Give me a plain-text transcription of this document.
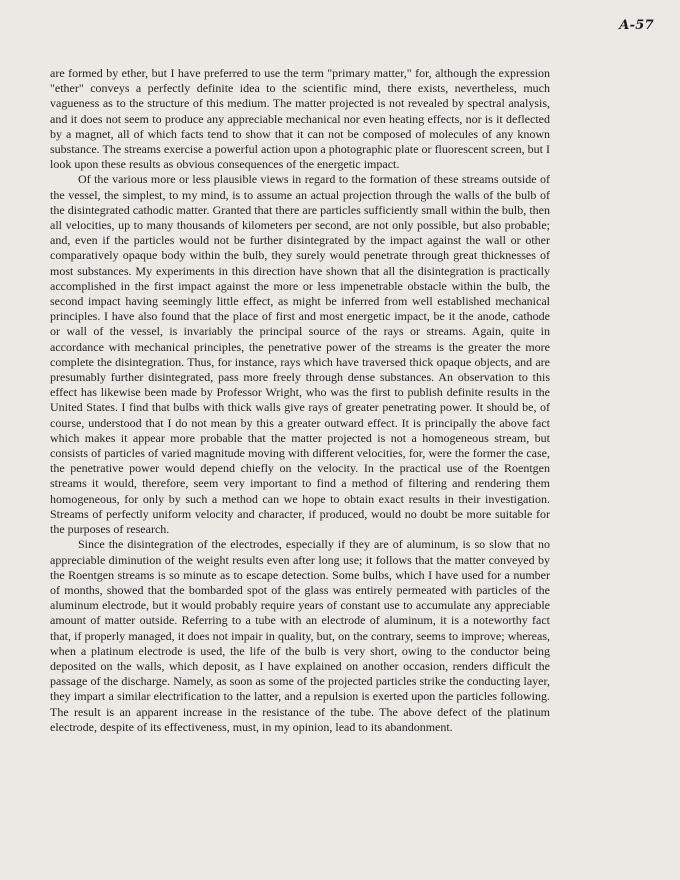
A-57

are formed by ether, but I have preferred to use the term "primary matter," for, although the expression "ether" conveys a perfectly definite idea to the scientific mind, there exists, nevertheless, much vagueness as to the structure of this medium. The matter projected is not revealed by spectral analysis, and it does not seem to produce any appreciable mechanical nor even heating effects, nor is it deflected by a magnet, all of which facts tend to show that it can not be composed of molecules of any known substance. The streams exercise a powerful action upon a photographic plate or fluorescent screen, but I look upon these results as obvious consequences of the energetic impact.

Of the various more or less plausible views in regard to the formation of these streams outside of the vessel, the simplest, to my mind, is to assume an actual projection through the walls of the bulb of the disintegrated cathodic matter. Granted that there are particles sufficiently small within the bulb, then all velocities, up to many thousands of kilometers per second, are not only possible, but also probable; and, even if the particles would not be further disintegrated by the impact against the wall or other comparatively opaque body within the bulb, they surely would penetrate through great thicknesses of most substances. My experiments in this direction have shown that all the disintegration is practically accomplished in the first impact against the more or less impenetrable obstacle within the bulb, the second impact having seemingly little effect, as might be inferred from well established mechanical principles. I have also found that the place of first and most energetic impact, be it the anode, cathode or wall of the vessel, is invariably the principal source of the rays or streams. Again, quite in accordance with mechanical principles, the penetrative power of the streams is the greater the more complete the disintegration. Thus, for instance, rays which have traversed thick opaque objects, and are presumably further disintegrated, pass more freely through dense substances. An observation to this effect has likewise been made by Professor Wright, who was the first to publish definite results in the United States. I find that bulbs with thick walls give rays of greater penetrating power. It should be, of course, understood that I do not mean by this a greater outward effect. It is principally the above fact which makes it appear more probable that the matter projected is not a homogeneous stream, but consists of particles of varied magnitude moving with different velocities, for, were the former the case, the penetrative power would depend chiefly on the velocity. In the practical use of the Roentgen streams it would, therefore, seem very important to find a method of filtering and rendering them homogeneous, for only by such a method can we hope to obtain exact results in their investigation. Streams of perfectly uniform velocity and character, if produced, would no doubt be more suitable for the purposes of research.

Since the disintegration of the electrodes, especially if they are of aluminum, is so slow that no appreciable diminution of the weight results even after long use; it follows that the matter conveyed by the Roentgen streams is so minute as to escape detection. Some bulbs, which I have used for a number of months, showed that the bombarded spot of the glass was entirely permeated with particles of the aluminum electrode, but it would probably require years of constant use to accumulate any appreciable amount of matter outside. Referring to a tube with an electrode of aluminum, it is a noteworthy fact that, if properly managed, it does not impair in quality, but, on the contrary, seems to improve; whereas, when a platinum electrode is used, the life of the bulb is very short, owing to the conductor being deposited on the walls, which deposit, as I have explained on another occasion, renders difficult the passage of the discharge. Namely, as soon as some of the projected particles strike the conducting layer, they impart a similar electrification to the latter, and a repulsion is exerted upon the particles following. The result is an apparent increase in the resistance of the tube. The above defect of the platinum electrode, despite of its effectiveness, must, in my opinion, lead to its abandonment.
